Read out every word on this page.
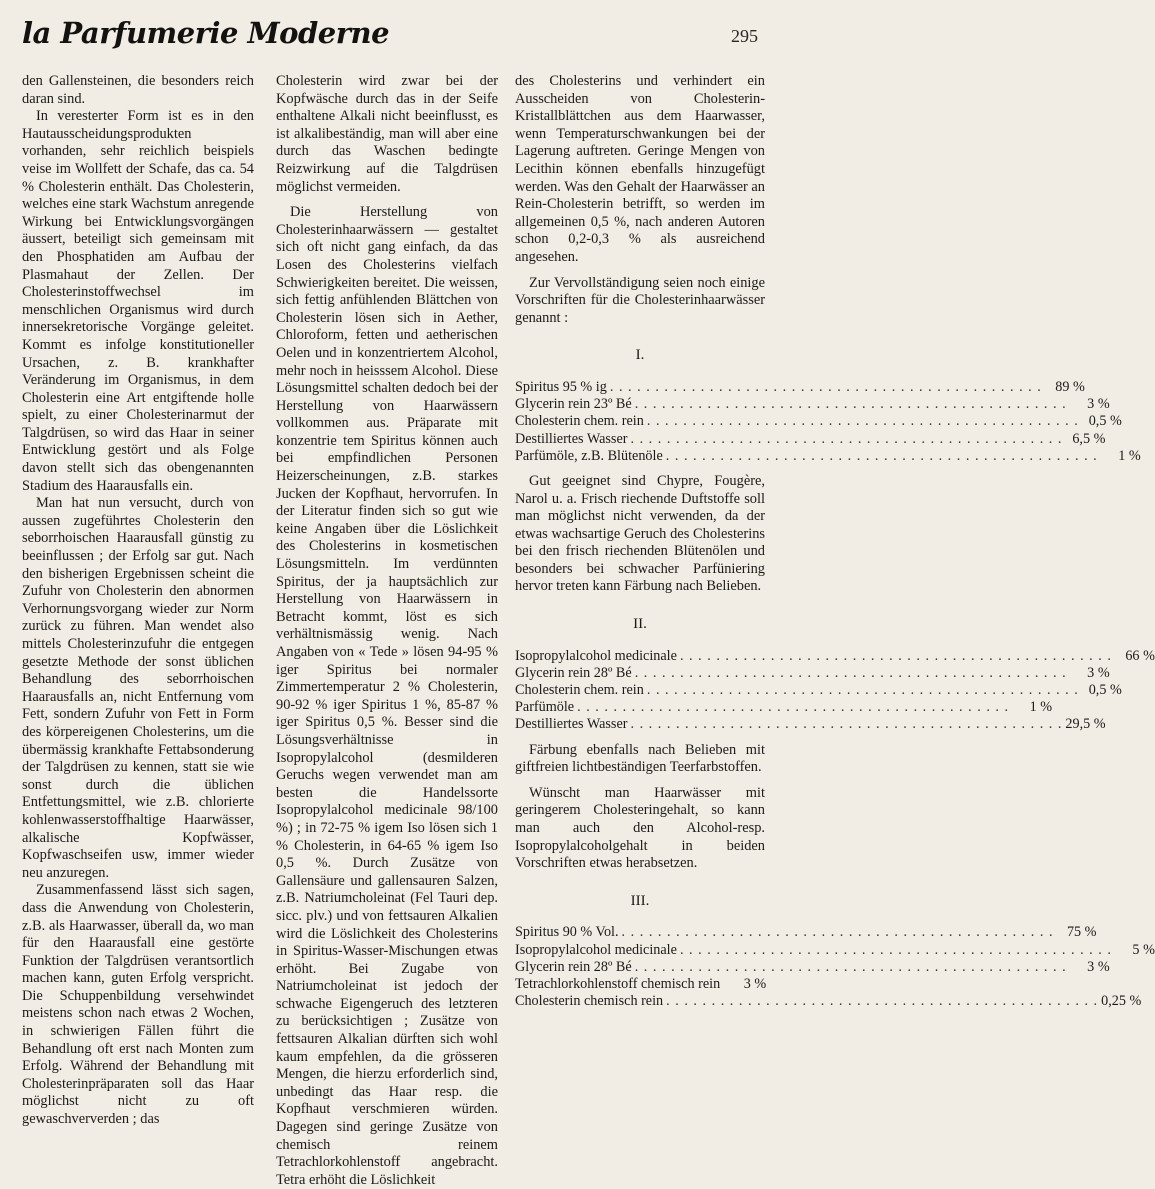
la Parfumerie Moderne	295

den Gallensteinen, die besonders reich daran sind.

In veresterter Form ist es in den Hautausscheidungsprodukten vorhanden, sehr reichlich beispiels veise im Wollfett der Schafe, das ca. 54 % Cholesterin enthält. Das Cholesterin, welches eine stark Wachstum anregende Wirkung bei Entwicklungsvorgängen äussert, beteiligt sich gemeinsam mit den Phosphatiden am Aufbau der Plasmahaut der Zellen. Der Cholesterinstoffwechsel im menschlichen Organismus wird durch innersekretorische Vorgänge geleitet. Kommt es infolge konstitutioneller Ursachen, z. B. krankhafter Veränderung im Organismus, in dem Cholesterin eine Art entgiftende holle spielt, zu einer Cholesterinarmut der Talgdrüsen, so wird das Haar in seiner Entwicklung gestört und als Folge davon stellt sich das obengenannten Stadium des Haarausfalls ein.

Man hat nun versucht, durch von aussen zugeführtes Cholesterin den seborrhoischen Haarausfall günstig zu beeinflussen ; der Erfolg sar gut. Nach den bisherigen Ergebnissen scheint die Zufuhr von Cholesterin den abnormen Verhornungsvorgang wieder zur Norm zurück zu führen. Man wendet also mittels Cholesterinzufuhr die entgegen gesetzte Methode der sonst üblichen Behandlung des seborrhoischen Haarausfalls an, nicht Entfernung vom Fett, sondern Zufuhr von Fett in Form des körpereigenen Cholesterins, um die übermässig krankhafte Fettabsonderung der Talgdrüsen zu kennen, statt sie wie sonst durch die üblichen Entfettungsmittel, wie z.B. chlorierte kohlenwasserstoffhaltige Haarwässer, alkalische Kopfwässer, Kopfwaschseifen usw, immer wieder neu anzuregen.

Zusammenfassend lässt sich sagen, dass die Anwendung von Cholesterin, z.B. als Haarwasser, überall da, wo man für den Haarausfall eine gestörte Funktion der Talgdrüsen verantsortlich machen kann, guten Erfolg verspricht. Die Schuppenbildung versehwindet meistens schon nach etwas 2 Wochen, in schwierigen Fällen führt die Behandlung oft erst nach Monten zum Erfolg. Während der Behandlung mit Cholesterinpräparaten soll das Haar möglichst nicht zu oft gewaschververden ; das

Cholesterin wird zwar bei der Kopfwäsche durch das in der Seife enthaltene Alkali nicht beeinflusst, es ist alkalibeständig, man will aber eine durch das Waschen bedingte Reizwirkung auf die Talgdrüsen möglichst vermeiden.

Die Herstellung von Cholesterinhaarwässern — gestaltet sich oft nicht gang einfach, da das Losen des Cholesterins vielfach Schwierigkeiten bereitet. Die weissen, sich fettig anfühlenden Blättchen von Cholesterin lösen sich in Aether, Chloroform, fetten und aetherischen Oelen und in konzentriertem Alcohol, mehr noch in heisssem Alcohol. Diese Lösungsmittel schalten dedoch bei der Herstellung von Haarwässern vollkommen aus. Präparate mit konzentrie tem Spiritus können auch bei empfindlichen Personen Heizerscheinungen, z.B. starkes Jucken der Kopfhaut, hervorrufen. In der Literatur finden sich so gut wie keine Angaben über die Löslichkeit des Cholesterins in kosmetischen Lösungsmitteln. Im verdünnten Spiritus, der ja hauptsächlich zur Herstellung von Haarwässern in Betracht kommt, löst es sich verhältnismässig wenig. Nach Angaben von « Tede » lösen 94-95 % iger Spiritus bei normaler Zimmertemperatur 2 % Cholesterin, 90-92 % iger Spiritus 1 %, 85-87 % iger Spiritus 0,5 %. Besser sind die Lösungsverhältnisse in Isopropylalcohol (desmilderen Geruchs wegen verwendet man am besten die Handelssorte Isopropylalcohol medicinale 98/100 %) ; in 72-75 % igem Iso lösen sich 1 % Cholesterin, in 64-65 % igem Iso 0,5 %. Durch Zusätze von Gallensäure und gallensauren Salzen, z.B. Natriumcholeinat (Fel Tauri dep. sicc. plv.) und von fettsauren Alkalien wird die Löslichkeit des Cholesterins in Spiritus-Wasser-Mischungen etwas erhöht. Bei Zugabe von Natriumcholeinat ist jedoch der schwache Eigengeruch des letzteren zu berücksichtigen ; Zusätze von fettsauren Alkalian dürften sich wohl kaum empfehlen, da die grösseren Mengen, die hierzu erforderlich sind, unbedingt das Haar resp. die Kopfhaut verschmieren würden. Dagegen sind geringe Zusätze von chemisch reinem Tetrachlorkohlenstoff angebracht. Tetra erhöht die Löslichkeit

des Cholesterins und verhindert ein Ausscheiden von Cholesterin-Kristallblättchen aus dem Haarwasser, wenn Temperaturschwankungen bei der Lagerung auftreten. Geringe Mengen von Lecithin können ebenfalls hinzugefügt werden. Was den Gehalt der Haarwässer an Rein-Cholesterin betrifft, so werden im allgemeinen 0,5 %, nach anderen Autoren schon 0,2-0,3 % als ausreichend angesehen.

Zur Vervollständigung seien noch einige Vorschriften für die Cholesterinhaarwässer genannt :

I.
Spiritus 95 % ig . . .	89 %
Glycerin rein 23º Bé . . .	3 %
Cholesterin chem. rein . . .	0,5 %
Destilliertes Wasser . . .	6,5 %
Parfümöle, z.B. Blütenöle . . .	1 %

Gut geeignet sind Chypre, Fougère, Narol u. a. Frisch riechende Duftstoffe soll man möglichst nicht verwenden, da der etwas wachsartige Geruch des Cholesterins bei den frisch riechenden Blütenölen und besonders bei schwacher Parfüniering hervor treten kann Färbung nach Belieben.

II.
Isopropylalcohol medicinale . . .	66 %
Glycerin rein 28º Bé . . .	3 %
Cholesterin chem. rein . . .	0,5 %
Parfümöle . . .	1 %
Destilliertes Wasser . . .	29,5 %

Färbung ebenfalls nach Belieben mit giftfreien lichtbeständigen Teerfarbstoffen.

Wünscht man Haarwässer mit geringerem Cholesteringehalt, so kann man auch den Alcohol-resp. Isopropylalcoholgehalt in beiden Vorschriften etwas herabsetzen.

III.
Spiritus 90 % Vol. . . .	75 %
Isopropylalcohol medicinale . . .	5 %
Glycerin rein 28º Bé . . .	3 %
Tetrachlorkohlenstoff chemisch rein	3 %
Cholesterin chemisch rein . . .	0,25 %
